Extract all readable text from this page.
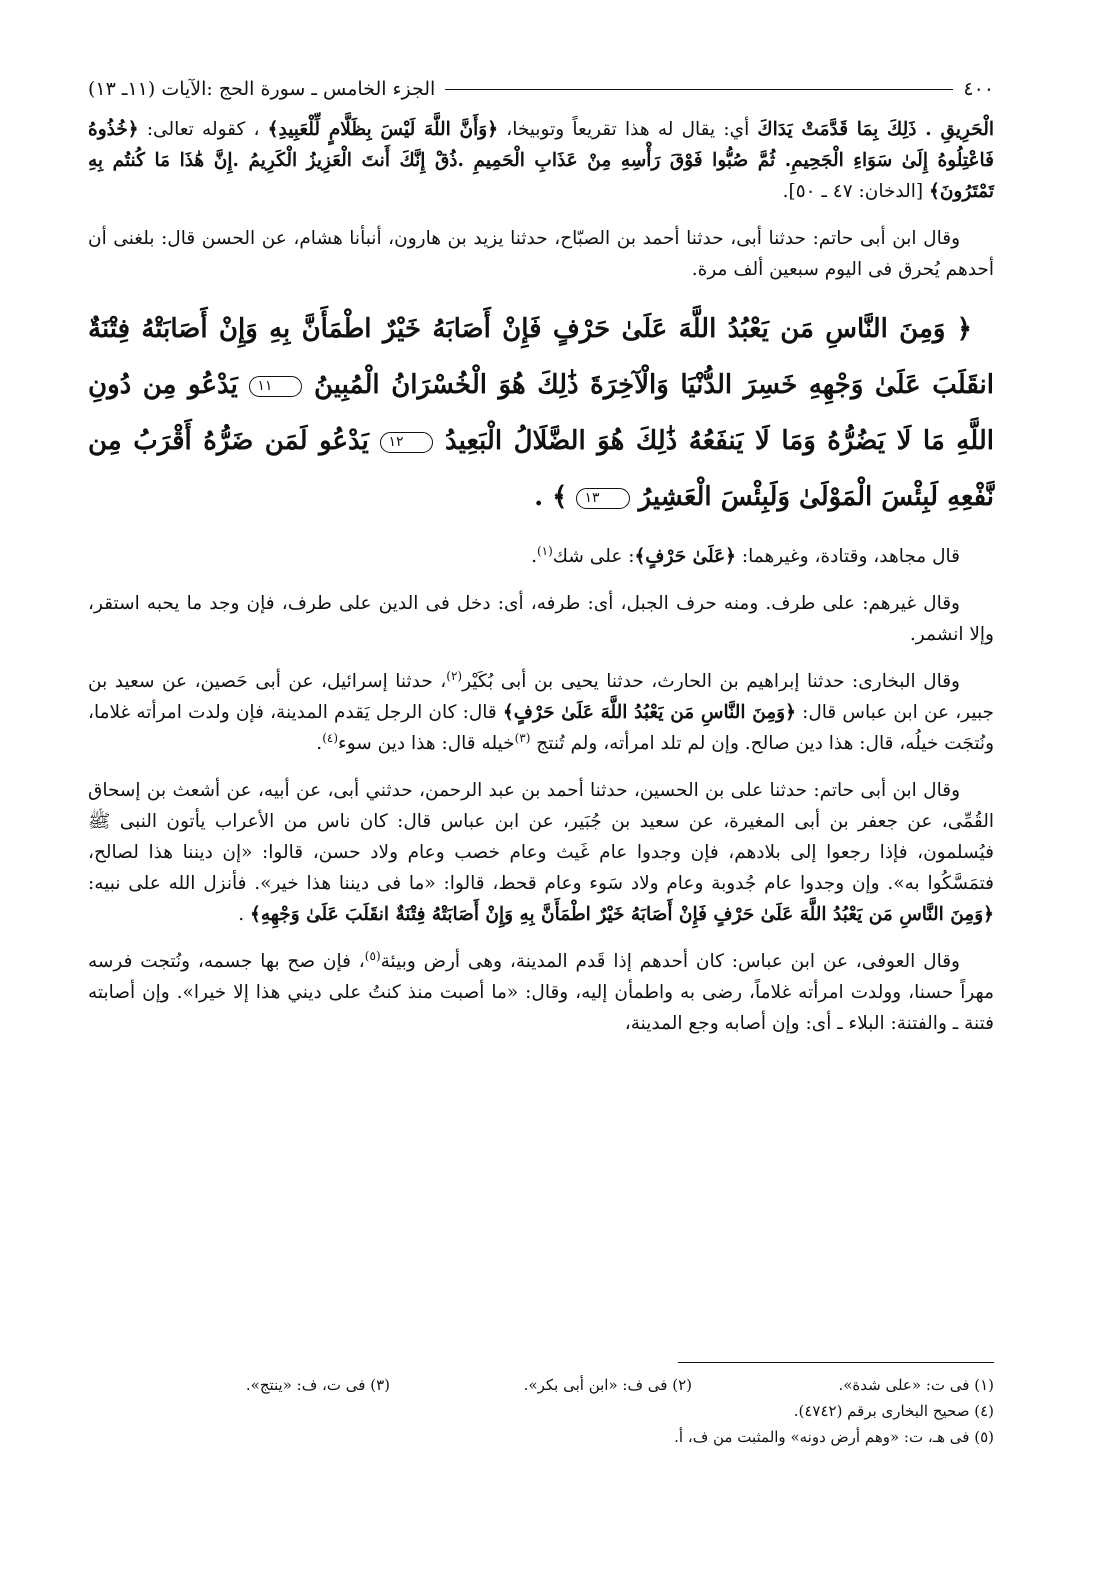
٤٠٠
الجزء الخامس ـ سورة الحج :الآيات (١١ـ ١٣)

الْحَرِيقِ . ذَلِكَ بِمَا قَدَّمَتْ يَدَاكَ أي: يقال له هذا تقريعاً وتوبيخا، ﴿وَأَنَّ اللَّهَ لَيْسَ بِظَلَّامٍ لِّلْعَبِيدِ﴾ ، كقوله تعالى: ﴿خُذُوهُ فَاعْتِلُوهُ إِلَىٰ سَوَاءِ الْجَحِيمِ. ثُمَّ صُبُّوا فَوْقَ رَأْسِهِ مِنْ عَذَابِ الْحَمِيمِ .ذُقْ إِنَّكَ أَنتَ الْعَزِيزُ الْكَرِيمُ .إِنَّ هَٰذَا مَا كُنتُم بِهِ تَمْتَرُونَ﴾ [الدخان: ٤٧ ـ ٥٠].

وقال ابن أبى حاتم: حدثنا أبى، حدثنا أحمد بن الصبّاح، حدثنا يزيد بن هارون، أنبأنا هشام، عن الحسن قال: بلغنى أن أحدهم يُحرق فى اليوم سبعين ألف مرة.

﴿ وَمِنَ النَّاسِ مَن يَعْبُدُ اللَّهَ عَلَىٰ حَرْفٍ فَإِنْ أَصَابَهُ خَيْرٌ اطْمَأَنَّ بِهِ وَإِنْ أَصَابَتْهُ فِتْنَةٌ انقَلَبَ عَلَىٰ وَجْهِهِ خَسِرَ الدُّنْيَا وَالْآخِرَةَ ذَٰلِكَ هُوَ الْخُسْرَانُ الْمُبِينُ ١١ يَدْعُو مِن دُونِ اللَّهِ مَا لَا يَضُرُّهُ وَمَا لَا يَنفَعُهُ ذَٰلِكَ هُوَ الضَّلَالُ الْبَعِيدُ ١٢ يَدْعُو لَمَن ضَرُّهُ أَقْرَبُ مِن نَّفْعِهِ لَبِئْسَ الْمَوْلَىٰ وَلَبِئْسَ الْعَشِيرُ ١٣ ﴾ .

قال مجاهد، وقتادة، وغيرهما: ﴿عَلَىٰ حَرْفٍ﴾: على شك$^{(١)}$.

وقال غيرهم: على طرف. ومنه حرف الجبل، أى: طرفه، أى: دخل فى الدين على طرف، فإن وجد ما يحبه استقر، وإلا انشمر.

وقال البخارى: حدثنا إبراهيم بن الحارث، حدثنا يحيى بن أبى بُكَيْر$^{(٢)}$، حدثنا إسرائيل، عن أبى حَصين، عن سعيد بن جبير، عن ابن عباس قال: ﴿وَمِنَ النَّاسِ مَن يَعْبُدُ اللَّهَ عَلَىٰ حَرْفٍ﴾ قال: كان الرجل يَقدم المدينة، فإن ولدت امرأته غلاما، ونُتجَت خيلُه، قال: هذا دين صالح. وإن لم تلد امرأته، ولم تُنتج $^{(٣)}$خيله قال: هذا دين سوء$^{(٤)}$.

وقال ابن أبى حاتم: حدثنا على بن الحسين، حدثنا أحمد بن عبد الرحمن، حدثني أبى، عن أبيه، عن أشعث بن إسحاق القُمِّى، عن جعفر بن أبى المغيرة، عن سعيد بن جُبَير، عن ابن عباس قال: كان ناس من الأعراب يأتون النبى ﷺ فيُسلمون، فإذا رجعوا إلى بلادهم، فإن وجدوا عام غَيث وعام خصب وعام ولاد حسن، قالوا: «إن ديننا هذا لصالح، فتمَسَّكُوا به». وإن وجدوا عام جُدوبة وعام ولاد سَوء وعام قحط، قالوا: «ما فى ديننا هذا خير». فأنزل الله على نبيه: ﴿وَمِنَ النَّاسِ مَن يَعْبُدُ اللَّهَ عَلَىٰ حَرْفٍ فَإِنْ أَصَابَهُ خَيْرٌ اطْمَأَنَّ بِهِ وَإِنْ أَصَابَتْهُ فِتْنَةٌ انقَلَبَ عَلَىٰ وَجْهِهِ﴾ .

وقال العوفى، عن ابن عباس: كان أحدهم إذا قَدم المدينة، وهى أرض وبيئة$^{(٥)}$، فإن صح بها جسمه، ونُتجت فرسه مهراً حسنا، وولدت امرأته غلاماً، رضى به واطمأن إليه، وقال: «ما أصبت منذ كنتُ على ديني هذا إلا خيرا». وإن أصابته فتنة ـ والفتنة: البلاء ـ أى: وإن أصابه وجع المدينة،

(١) فى ت: «على شدة».
(٢) فى ف: «ابن أبى بكر».
(٣) فى ت، ف: «ينتج».
(٤) صحيح البخارى برقم (٤٧٤٢).
(٥) فى هـ، ت: «وهم أرض دونه» والمثبت من ف، أ.
